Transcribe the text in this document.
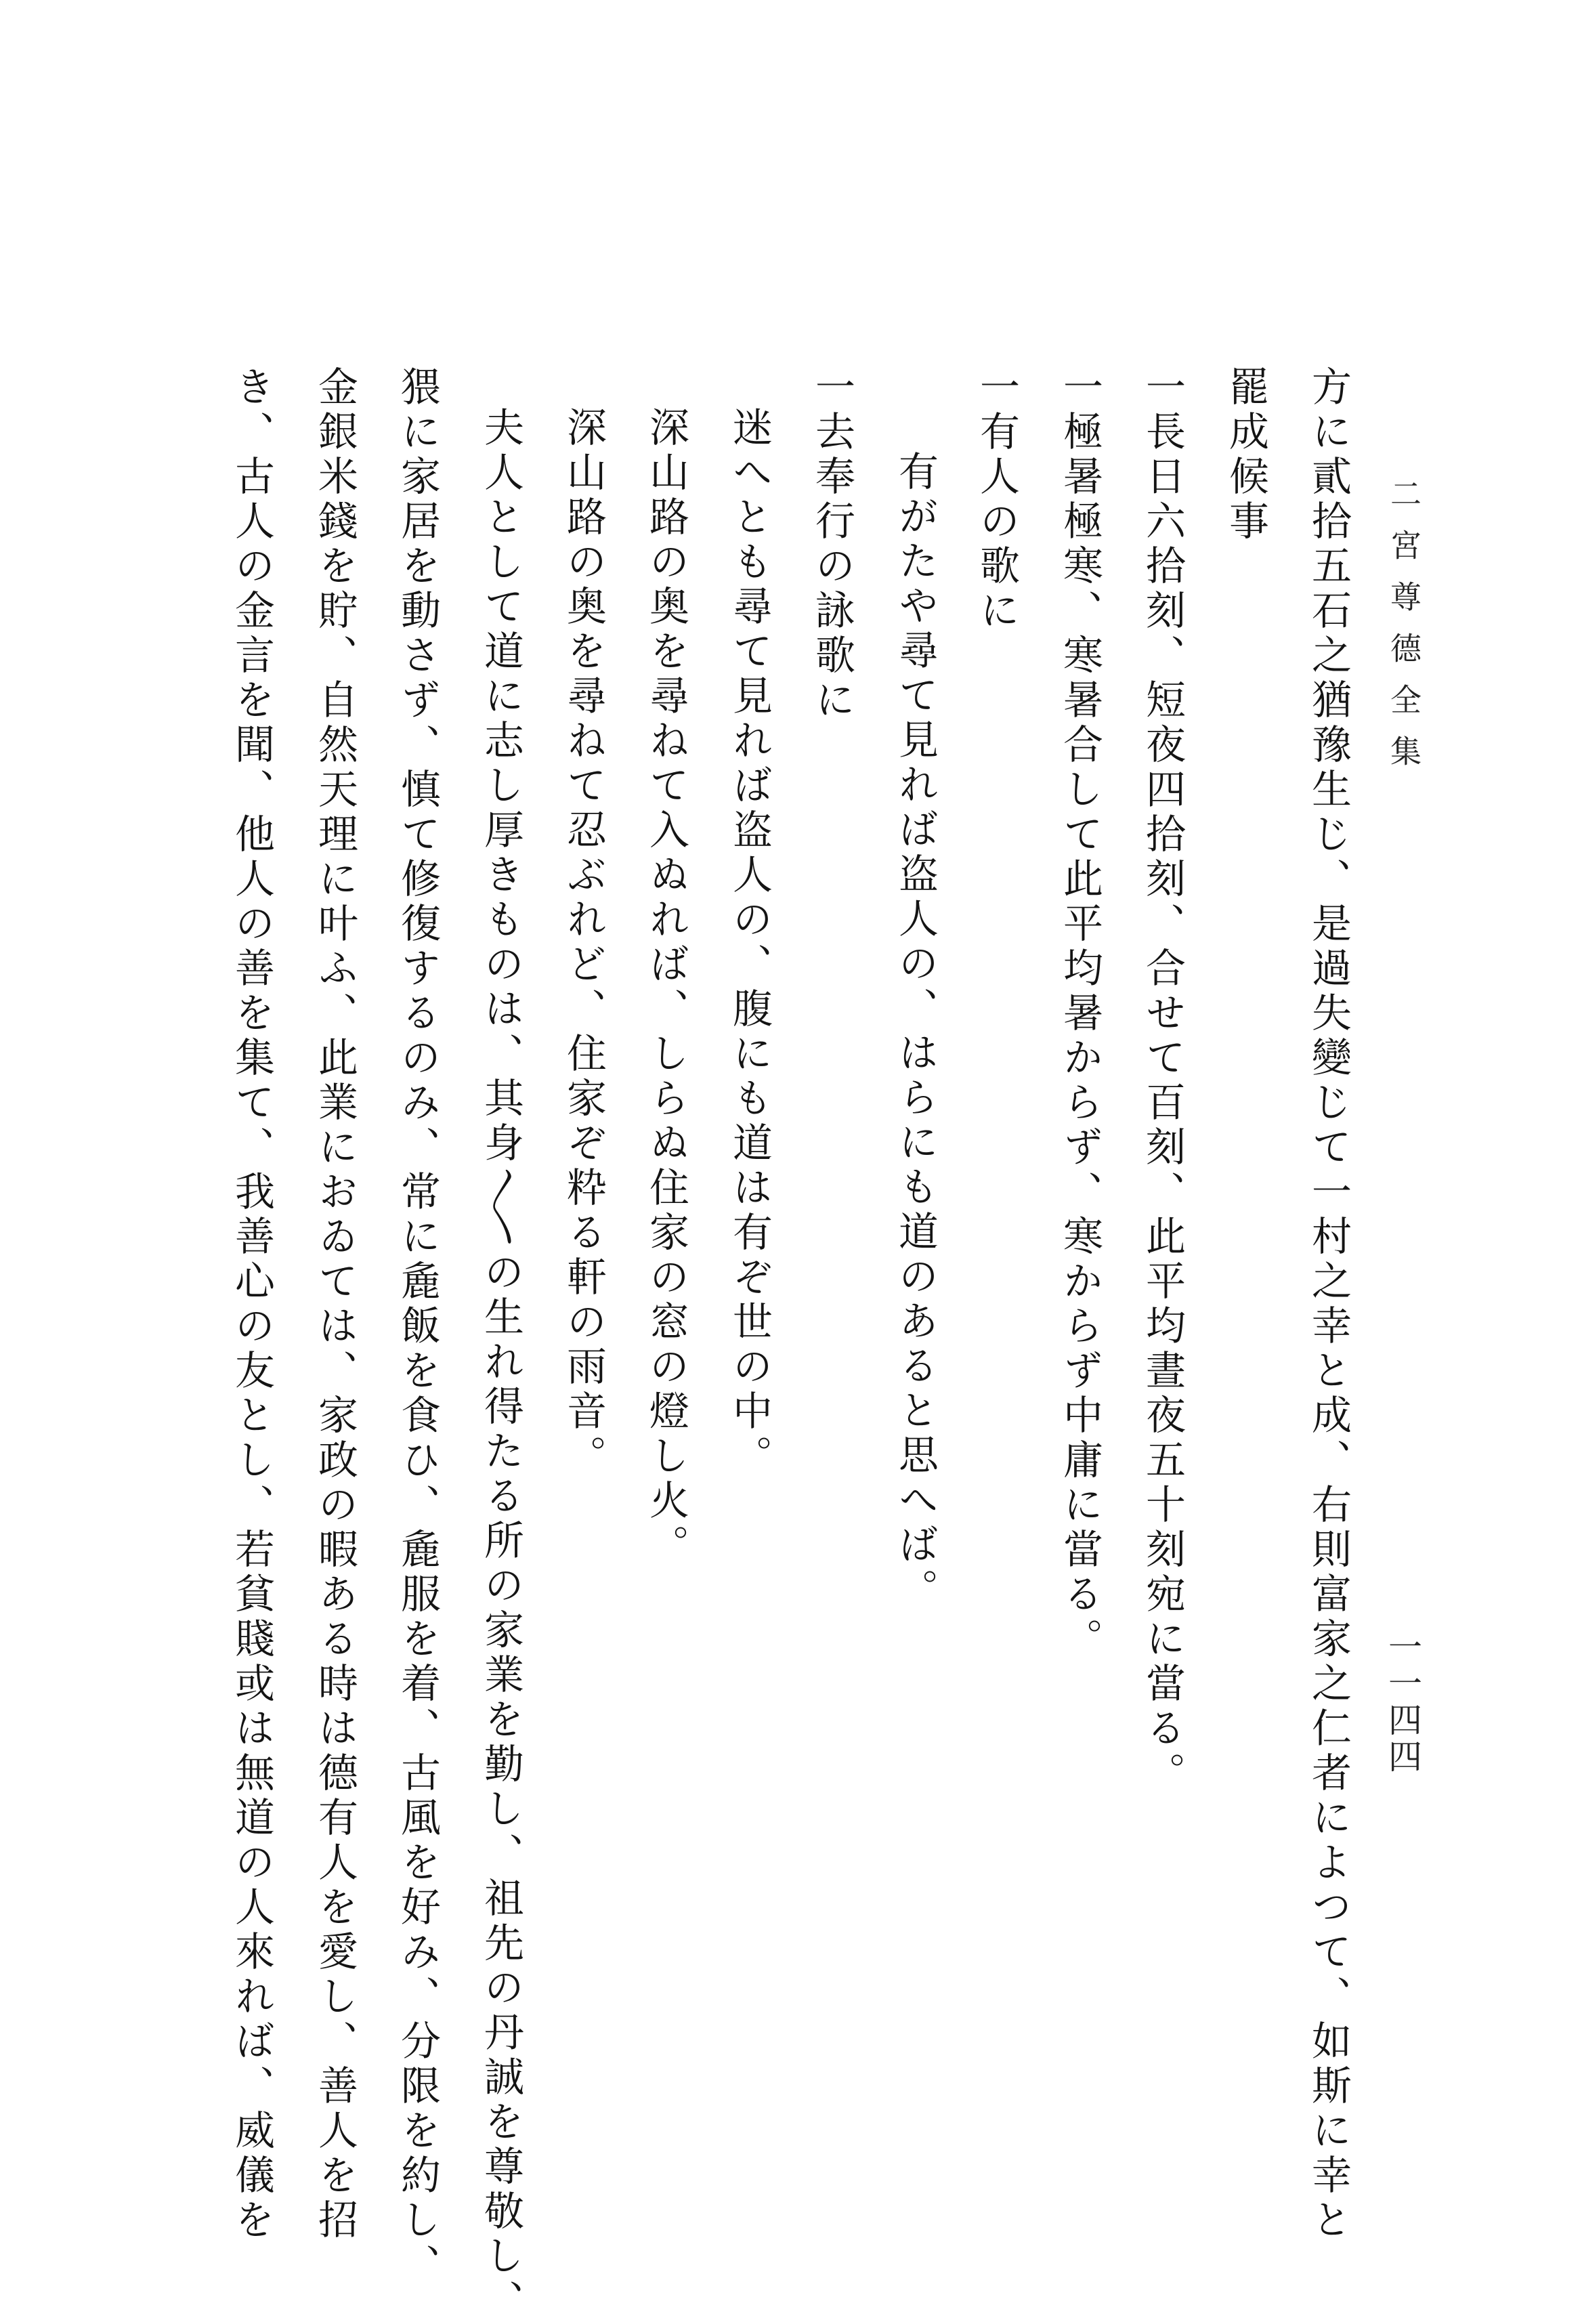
二宮尊德全集
一一四四
方に貳拾五石之猶豫生じ、是過失變じて一村之幸と成、右則富家之仁者によつて、如斯に幸と
罷成候事
一長日六拾刻、短夜四拾刻、合せて百刻、此平均晝夜五十刻宛に當る。
一極暑極寒、寒暑合して此平均暑からず、寒からず中庸に當る。
一有人の歌に
有がたや尋て見れば盗人の、はらにも道のあると思へば。
一去奉行の詠歌に
迷へとも尋て見れば盗人の、腹にも道は有ぞ世の中。
深山路の奥を尋ねて入ぬれば、しらぬ住家の窓の燈し火。
深山路の奥を尋ねて忍ぶれど、住家ぞ粋る軒の雨音。
夫人として道に志し厚きものは、其身〳〵の生れ得たる所の家業を勤し、祖先の丹誠を尊敬し、
猥に家居を動さず、慎て修復するのみ、常に麁飯を食ひ、麁服を着、古風を好み、分限を約し、
金銀米錢を貯、自然天理に叶ふ、此業におゐては、家政の暇ある時は德有人を愛し、善人を招
き、古人の金言を聞、他人の善を集て、我善心の友とし、若貧賤或は無道の人來れば、威儀を
